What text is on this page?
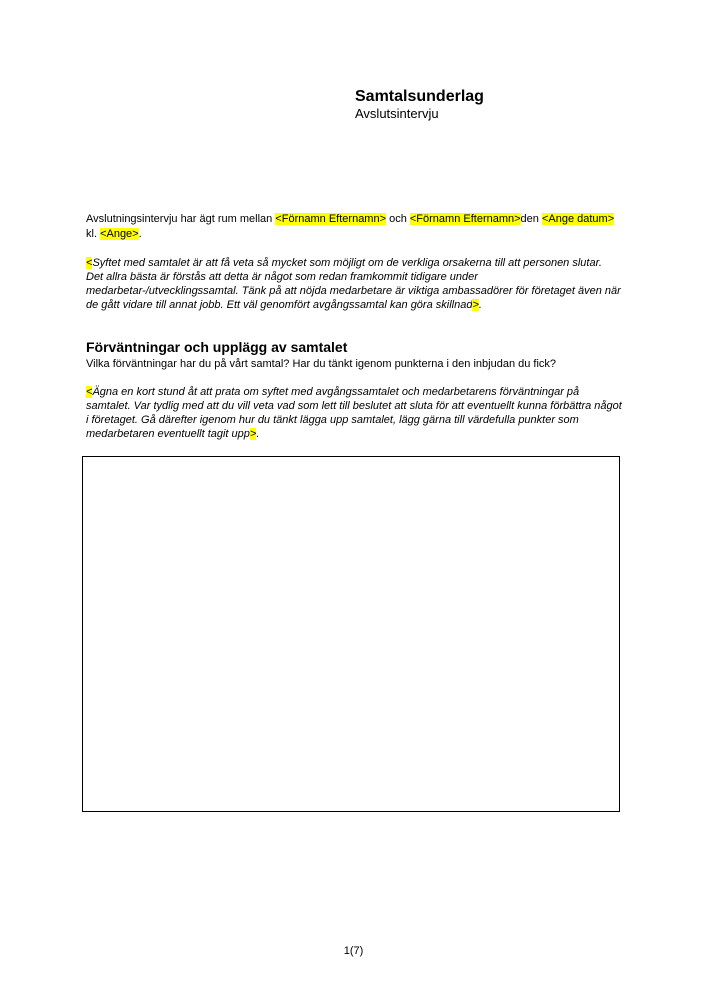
Samtalsunderlag

Avslutsintervju

Avslutningsintervju har ägt rum mellan <Förnamn Efternamn> och <Förnamn Efternamn>den <Ange datum> kl. <Ange>.

<Syftet med samtalet är att få veta så mycket som möjligt om de verkliga orsakerna till att personen slutar. Det allra bästa är förstås att detta är något som redan framkommit tidigare under medarbetar-/utvecklingssamtal. Tänk på att nöjda medarbetare är viktiga ambassadörer för företaget även när de gått vidare till annat jobb. Ett väl genomfört avgångssamtal kan göra skillnad>.

Förväntningar och upplägg av samtalet

Vilka förväntningar har du på vårt samtal? Har du tänkt igenom punkterna i den inbjudan du fick?

<Ägna en kort stund åt att prata om syftet med avgångssamtalet och medarbetarens förväntningar på samtalet. Var tydlig med att du vill veta vad som lett till beslutet att sluta för att eventuellt kunna förbättra något i företaget. Gå därefter igenom hur du tänkt lägga upp samtalet, lägg gärna till värdefulla punkter som medarbetaren eventuellt tagit upp>.

1(7)
